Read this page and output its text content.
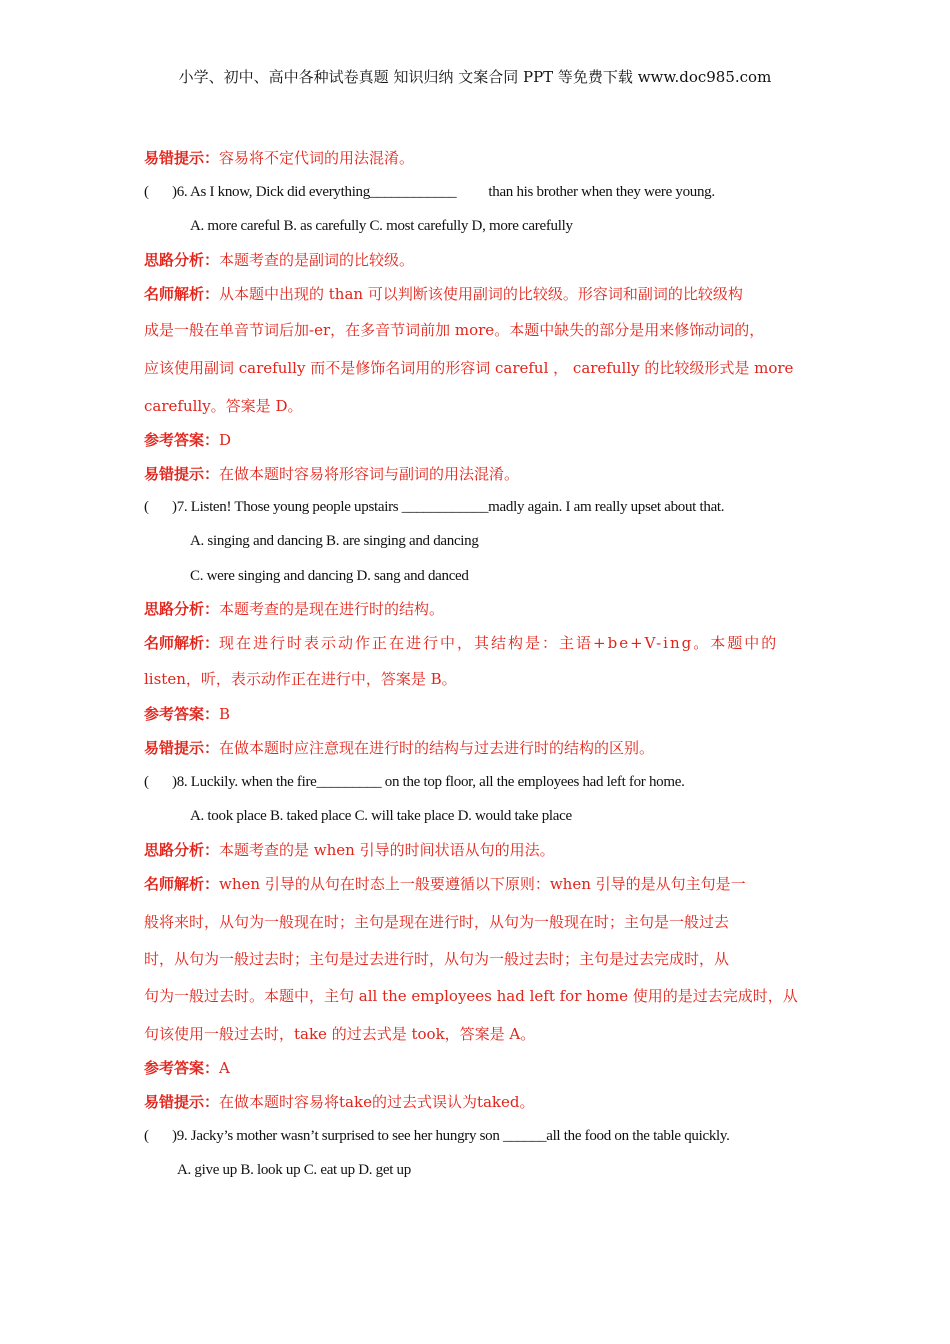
小学、初中、高中各种试卷真题 知识归纳 文案合同 PPT 等免费下载 www.doc985.com
易错提示：容易将不定代词的用法混淆。
( )6. As I know, Dick did everything____________ than his brother when they were young.
A. more careful B. as carefully C. most carefully D, more carefully
思路分析：本题考查的是副词的比较级。
名师解析：从本题中出现的 than 可以判断该使用副词的比较级。形容词和副词的比较级构
成是一般在单音节词后加-er，在多音节词前加 more。本题中缺失的部分是用来修饰动词的，
应该使用副词 carefully 而不是修饰名词用的形容词 careful ， carefully 的比较级形式是 more
carefully。答案是 D。
参考答案：D
易错提示：在做本题时容易将形容词与副词的用法混淆。
( )7. Listen! Those young people upstairs ____________madly again. I am really upset about that.
A. singing and dancing B. are singing and dancing
C. were singing and dancing D. sang and danced
思路分析：本题考查的是现在进行时的结构。
名师解析：现在进行时表示动作正在进行中，其结构是：主语+be+V-ing。本题中的
listen，听，表示动作正在进行中，答案是 B。
参考答案：B
易错提示：在做本题时应注意现在进行时的结构与过去进行时的结构的区别。
( )8. Luckily. when the fire_________ on the top floor, all the employees had left for home.
A. took place B. taked place C. will take place D. would take place
思路分析：本题考查的是 when 引导的时间状语从句的用法。
名师解析：when 引导的从句在时态上一般要遵循以下原则：when 引导的是从句主句是一
般将来时，从句为一般现在时；主句是现在进行时，从句为一般现在时；主句是一般过去
时，从句为一般过去时；主句是过去进行时，从句为一般过去时；主句是过去完成时，从
句为一般过去时。本题中，主句 all the employees had left for home 使用的是过去完成时，从
句该使用一般过去时，take 的过去式是 took，答案是 A。
参考答案：A
易错提示：在做本题时容易将take的过去式误认为taked。
( )9. Jacky’s mother wasn’t surprised to see her hungry son ______all the food on the table quickly.
A. give up B. look up C. eat up D. get up
